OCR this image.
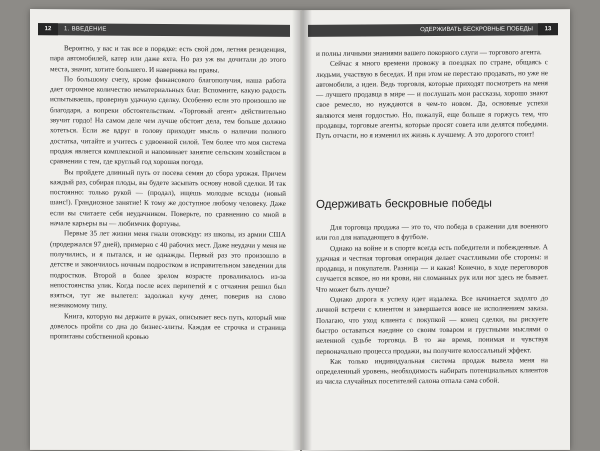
12 1. ВВЕДЕНИЕ

Вероятно, у вас и так все в порядке: есть свой дом, летняя резиденция, пара автомобилей, катер или даже яхта. Но раз уж вы дочитали до этого места, значит, хотите большего. И наверняка вы правы.

По большому счету, кроме финансового благополучия, наша работа дает огромное количество нематериальных благ. Вспомните, какую радость испытываешь, провернув удачную сделку. Особенно если это произошло не благодаря, а вопреки обстоятельствам. «Торговый агент» действительно звучит гордо! На самом деле чем лучше обстоят дела, тем больше должно хотеться. Если же вдруг в голову приходит мысль о наличии полного достатка, читайте и учитесь с удвоенной силой. Тем более что моя система продаж является комплексной и напоминает занятие сельским хозяйством в сравнении с тем, где круглый год хорошая погода.

Вы пройдете длинный путь от посева семян до сбора урожая. Причем каждый раз, собирая плоды, вы будете засыпать основу новой сделки. И так постоянно: только рукой — (продал), ищешь молодые всходы (новый шанс!). Грандиозное занятие! К тому же доступное любому человеку. Даже если вы считаете себя неудачником. Поверьте, по сравнению со мной в начале карьеры вы — любимчик фортуны.

Первые 35 лет жизни меня гнали отовсюду: из школы, из армии США (продержался 97 дней), примерно с 40 рабочих мест. Даже неудачи у меня не получились, и я пытался, и не однажды. Первый раз это произошло в детстве и закончилось ночным подростком в исправительном заведении для подростков. Второй в более зрелом возрасте проваливалось из-за непостоянства улик. Когда после всех перипетий я с отчаяния решил был взяться, тут же вылетел: задолжал кучу денег, поверив на слово незнакомому типу.

Книга, которую вы держите в руках, описывает весь путь, который мне довелось пройти со дна до бизнес-элиты. Каждая ее строчка и страница пропитаны собственной кровью

ОДЕРЖИВАТЬ БЕСКРОВНЫЕ ПОБЕДЫ 13

и полны личными знаниями вашего покорного слуги — торгового агента.

Сейчас я много времени провожу в поездках по стране, общаясь с людьми, участвую в беседах. И при этом не перестаю продавать, но уже не автомобили, а идеи. Ведь торговля, которые приходят посмотреть на меня — лучшего продавца в мире — и послушать мои рассказы, хорошо знают свое ремесло, но нуждаются в чем-то новом. Да, основные успехи являются меня гордостью. Но, пожалуй, еще больше я горжусь тем, что продавцы, торговые агенты, которые просят совета или делятся победами. Путь отчасти, но я изменил их жизнь к лучшему. А это дорогого стоит!

Одерживать бескровные победы

Для торговца продажа — это то, что победа в сражении для военного или гол для нападающего в футболе.

Однако на войне и в спорте всегда есть победители и побежденные. А удачная и честная торговая операция делает счастливыми обе стороны: и продавца, и покупателя. Разница — и какая! Конечно, в ходе переговоров случается всякое, но ни крови, ни сломанных рук или ног здесь не бывает. Что может быть лучше?

Однако дорога к успеху идет издалека. Все начинается задолго до личной встречи с клиентом и завершается вовсе не исполнением заказа. Полагаю, что уход клиента с покупкой — конец сделки, вы рискуете быстро оставаться наедине со своим товаром и грустными мыслями о неленной судьбе торговца. В то же время, понимая и чувствуя первоначально процесса продажи, вы получите колоссальный эффект.

Как только индивидуальная система продаж вывела меня на определенный уровень, необходимость набирать потенциальных клиентов из числа случайных посетителей салона отпала сама собой.
